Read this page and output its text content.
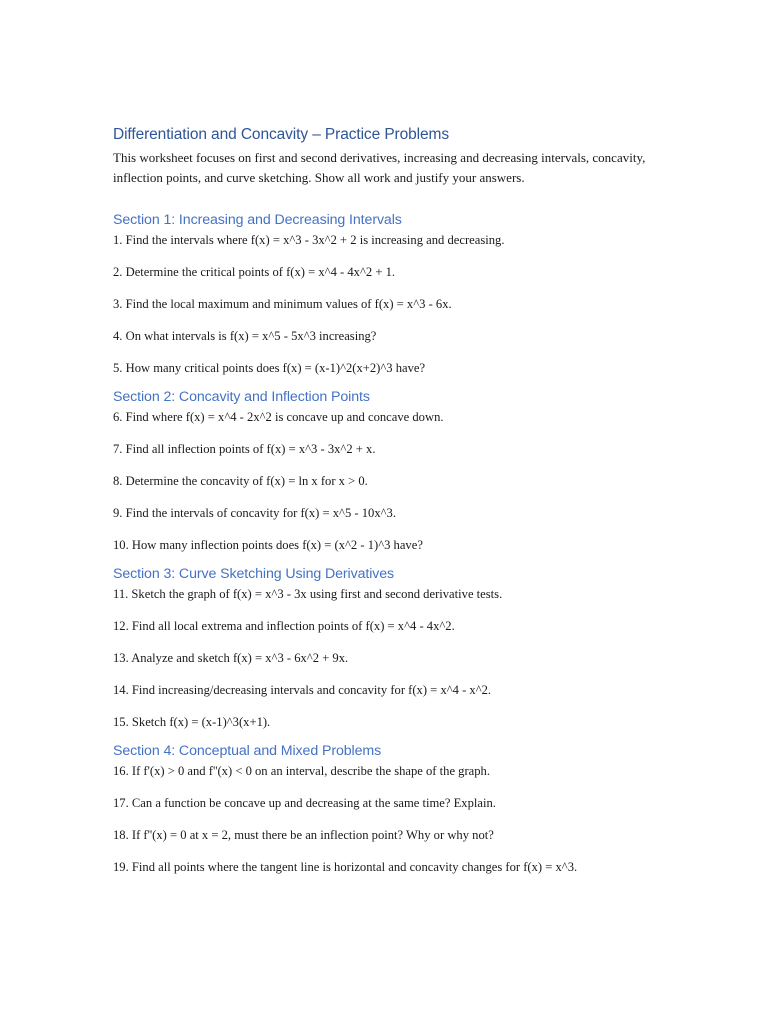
Differentiation and Concavity – Practice Problems

This worksheet focuses on first and second derivatives, increasing and decreasing intervals, concavity, inflection points, and curve sketching. Show all work and justify your answers.

Section 1: Increasing and Decreasing Intervals

1. Find the intervals where f(x) = x^3 - 3x^2 + 2 is increasing and decreasing.

2. Determine the critical points of f(x) = x^4 - 4x^2 + 1.

3. Find the local maximum and minimum values of f(x) = x^3 - 6x.

4. On what intervals is f(x) = x^5 - 5x^3 increasing?

5. How many critical points does f(x) = (x-1)^2(x+2)^3 have?

Section 2: Concavity and Inflection Points

6. Find where f(x) = x^4 - 2x^2 is concave up and concave down.

7. Find all inflection points of f(x) = x^3 - 3x^2 + x.

8. Determine the concavity of f(x) = ln x for x > 0.

9. Find the intervals of concavity for f(x) = x^5 - 10x^3.

10. How many inflection points does f(x) = (x^2 - 1)^3 have?

Section 3: Curve Sketching Using Derivatives

11. Sketch the graph of f(x) = x^3 - 3x using first and second derivative tests.

12. Find all local extrema and inflection points of f(x) = x^4 - 4x^2.

13. Analyze and sketch f(x) = x^3 - 6x^2 + 9x.

14. Find increasing/decreasing intervals and concavity for f(x) = x^4 - x^2.

15. Sketch f(x) = (x-1)^3(x+1).

Section 4: Conceptual and Mixed Problems

16. If f'(x) > 0 and f''(x) < 0 on an interval, describe the shape of the graph.

17. Can a function be concave up and decreasing at the same time? Explain.

18. If f''(x) = 0 at x = 2, must there be an inflection point? Why or why not?

19. Find all points where the tangent line is horizontal and concavity changes for f(x) = x^3.
